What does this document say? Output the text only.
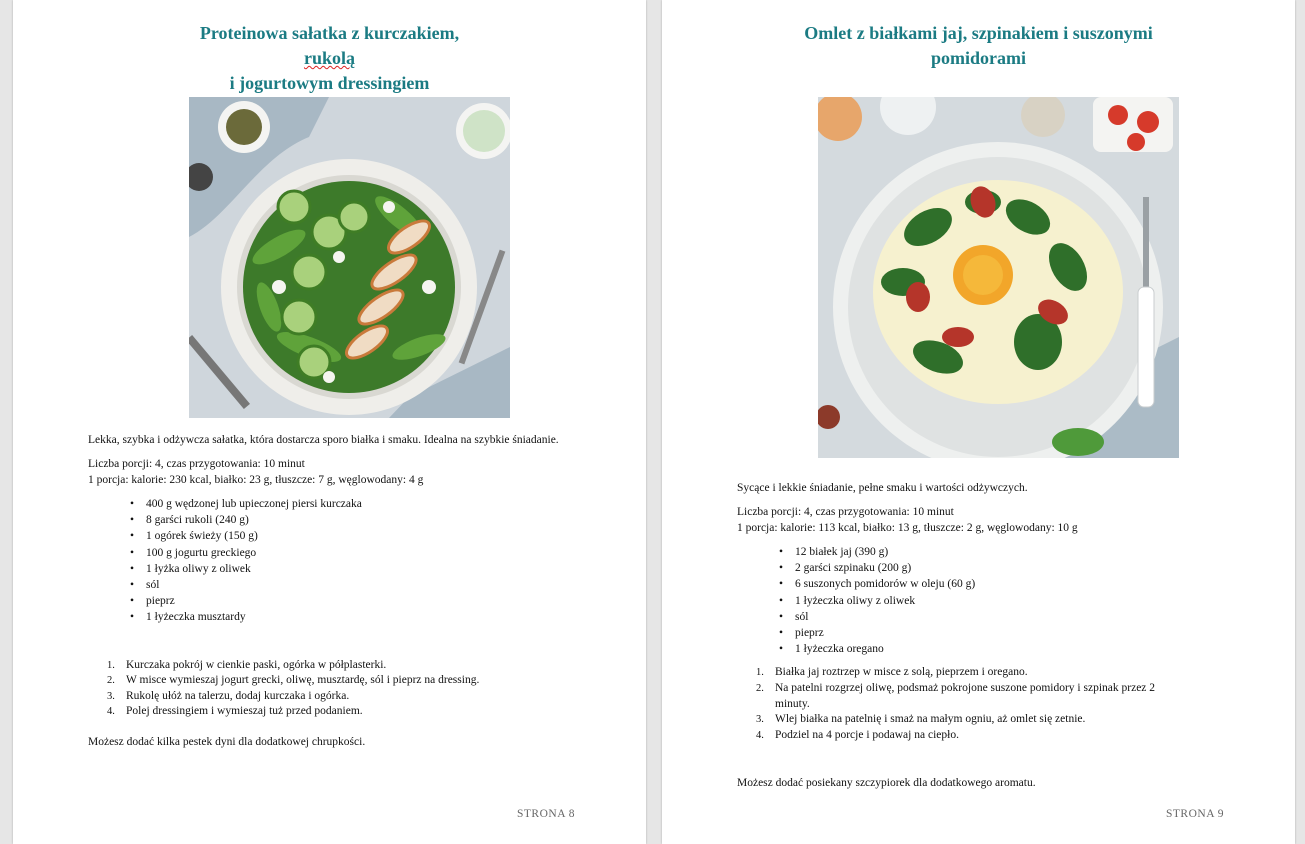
Proteinowa sałatka z kurczakiem,
rukolą
i jogurtowym dressingiem

Lekka, szybka i odżywcza sałatka, która dostarcza sporo białka i smaku. Idealna na szybkie śniadanie.

Liczba porcji: 4, czas przygotowania: 10 minut
1 porcja: kalorie: 230 kcal, białko: 23 g, tłuszcze: 7 g, węglowodany: 4 g
• 400 g wędzonej lub upieczonej piersi kurczaka
• 8 garści rukoli (240 g)
• 1 ogórek świeży (150 g)
• 100 g jogurtu greckiego
• 1 łyżka oliwy z oliwek
• sól
• pieprz
• 1 łyżeczka musztardy
1. Kurczaka pokrój w cienkie paski, ogórka w półplasterki.
2. W misce wymieszaj jogurt grecki, oliwę, musztardę, sól i pieprz na dressing.
3. Rukolę ułóż na talerzu, dodaj kurczaka i ogórka.
4. Polej dressingiem i wymieszaj tuż przed podaniem.

Możesz dodać kilka pestek dyni dla dodatkowej chrupkości.

STRONA 8
Omlet z białkami jaj, szpinakiem i suszonymi
pomidorami

Sycące i lekkie śniadanie, pełne smaku i wartości odżywczych.

Liczba porcji: 4, czas przygotowania: 10 minut
1 porcja: kalorie: 113 kcal, białko: 13 g, tłuszcze: 2 g, węglowodany: 10 g
• 12 białek jaj (390 g)
• 2 garści szpinaku (200 g)
• 6 suszonych pomidorów w oleju (60 g)
• 1 łyżeczka oliwy z oliwek
• sól
• pieprz
• 1 łyżeczka oregano
1. Białka jaj roztrzep w misce z solą, pieprzem i oregano.
2. Na patelni rozgrzej oliwę, podsmaż pokrojone suszone pomidory i szpinak przez 2 minuty.
3. Wlej białka na patelnię i smaż na małym ogniu, aż omlet się zetnie.
4. Podziel na 4 porcje i podawaj na ciepło.

Możesz dodać posiekany szczypiorek dla dodatkowego aromatu.

STRONA 9
